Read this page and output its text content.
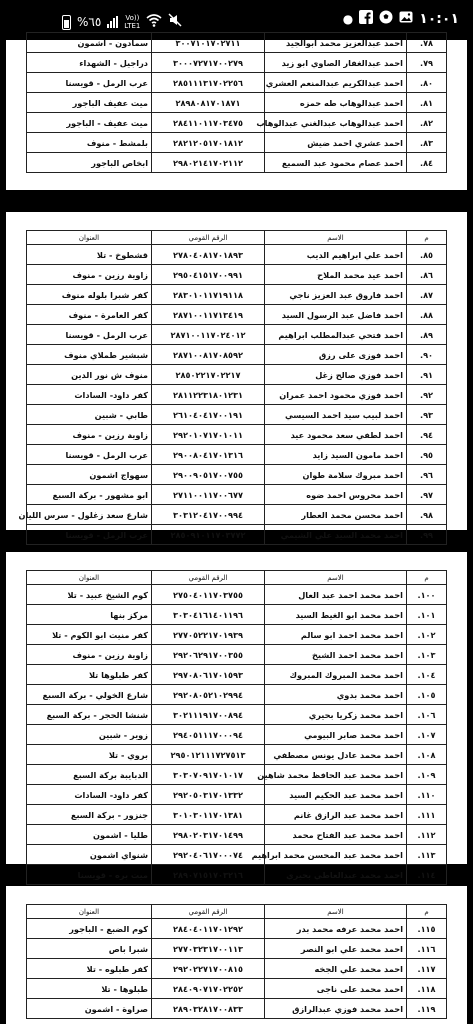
%٦٥	Vo))
LTE1	●	١٠:٠١
٧٨.	احمد عبدالعزيز محمد ابوالجيد	٣٠٠٧١٠١٧٠٢٧١١	سمادون - اشمون
٧٩.	احمد عبدالغفار الصاوي ابو زيد	٣٠٠٠٧٢٧١٧٠٠٢٧٩	دراجيل - الشهداء
٨٠.	احمد عبدالكريم عبدالمنعم العشري	٢٨٥١١١٣١٧٠٢٢٥٦	عرب الرمل - قويسنا
٨١.	احمد عبدالوهاب طه حمزه	٢٨٩٨٠٨١٧٠١٨٧١	ميت عفيف الباجور
٨٢.	احمد عبدالوهاب عبدالغني عبدالوهاب	٢٨٤١١٠١١٧٠٣٤٧٥	ميت عفيف - الباجور
٨٣.	احمد عشري احمد ضيش	٢٨٢١٢٠٥١٧٠١٨١٢	بلمشط - منوف
٨٤.	احمد عصام محمود عبد السميع	٢٩٨٠٢١٤١٧٠٢١١٢	ابخاص الباجور
م	الاسم	الرقم القومي	العنوان
٨٥.	احمد علي ابراهيم الديب	٢٧٨٠٤٠٨١٧٠١٨٩٣	قشطوخ - تلا
٨٦.	احمد عيد محمد الملاح	٢٩٥٠٤١٥١٧٠٠٩٩١	زاوية رزين - منوف
٨٧.	احمد فاروق عبد العزيز ناجي	٢٨٣٠١٠١١٧١٩١١٨	كفر شبرا بلوله منوف
٨٨.	احمد فاضل عبد الرسول السيد	٢٨٧١٠٠١١٧١٣٤١٩	كفر العامرة - منوف
٨٩.	احمد فتحي عبدالمطلب ابراهيم	٢٨٧١٠٠١١٧٠٢٤٠١٢	عرب الرمل - قويسنا
٩٠.	احمد فوزى على رزق	٢٨٧١٠٠٨١٧٠٨٥٩٢	شبشير طملاي منوف
٩١.	احمد فوزي صالح زغل	٢٨٥٠٢٢١٧٠٢٢١٧	منوف ش نور الدين
٩٢.	احمد فوزي محمود احمد عمران	٢٨١١٢٢٣١٨٠١٢٣١	كفر داود- السادات
٩٣.	احمد لبيب سيد احمد السيسي	٢٦١٠٤٠٤١٧٠٠١٩١	طابي - شبين
٩٤.	احمد لطفي سعد محمود عيد	٢٩٢٠١٠٧١٧٠١٠١١	زاوية رزين - منوف
٩٥.	احمد مامون السيد زايد	٢٩٠٠٨٠٤١٧٠١٣١٦	عرب الرمل - قويسنا
٩٦.	احمد مبروك سلامة طوان	٢٩٠٠٩٠٥١٧٠٠٧٥٥	سهواج اشمون
٩٧.	احمد محروس احمد ضوه	٢٧١١٠٠١١٧٠٠٦٧٧	ابو مشهور - بركة السبع
٩٨.	احمد محسن محمد العطار	٣٠٣١٢٠٤١٧٠٠٩٩٤	شارع سعد زغلول - سرس الليان
٩٩.	احمد محمد السيد علي الشيمي	٢٨٥٠٩١٠١١٧٠٣٧٧٢	عرب الرمل - قويسنا
م	الاسم	الرقم القومي	العنوان
١٠٠.	احمد محمد احمد عبد العال	٢٧٥٠٤٠١١٧٠٣٧٥٥	كوم الشيخ عبيد - تلا
١٠١.	احمد محمد ابو الغيط السيد	٣٠٣٠٤١٦١٤٠١١٩٦	مركز بنها
١٠٢.	احمد محمد احمد ابو سالم	٢٧٧٠٥٢٢١٧٠١٩٣٩	كفر منيت ابو الكوم - تلا
١٠٣.	احمد محمد احمد الشيخ	٢٩٢٠٦٢٩١٧٠٠٣٥٥	زاوية رزين - منوف
١٠٤.	احمد محمد المبروك المبروك	٢٩٧٠٨٠٦١٧٠١٥٩٣	كفر طبلوها تلا
١٠٥.	احمد محمد بدوي	٢٩٢٠٨٠٥٢١٠٢٩٩٤	شارع الخولي - بركة السبع
١٠٦.	احمد محمد زكريا بحيري	٣٠٢١١١٩١٧٠٠٨٩٤	شنشا الحجر - بركة السبع
١٠٧.	احمد محمد صابر البيومي	٢٩٤٠٥١١١٧٠٠٠٩٤	زوير - شبين
١٠٨.	احمد محمد عادل يونس مصطفي	٢٩٥٠١٢١١١٧٢٧٥١٣	بروي - تلا
١٠٩.	احمد محمد عبد الحافظ محمد شاهين	٣٠٣٠٧٠٩١٧٠١٠١٧	الدبايبة بركة السبع
١١٠.	احمد محمد عبد الحكيم السيد	٢٩٢٠٥٠٣١٧٠١٣٣٢	كفر داود- السادات
١١١.	احمد محمد عبد الرازق غانم	٣٠١٠٣٠١١٧٠١٣٨١	جنزور - بركة السبع
١١٢.	احمد محمد عبد الفتاح محمد	٢٩٨٠٢٠٣١٧٠١٤٩٩	طليا - اشمون
١١٣.	احمد محمد عبد المحسن محمد ابراهيم	٢٩٢٠٤٠٦١٧٠٠٠٧٤	شنواي اشمون
١١٤.	احمد محمد عبدالعاطي بحيري	٢٨٩٠٧١٥١٧٠٣٢١٦	ميت بره - قويسنا
م	الاسم	الرقم القومي	العنوان
١١٥.	احمد محمد عرفه محمد بدر	٢٨٤٠٤٠١١٧٠١٢٩٢	كوم الضبع - الباجور
١١٦.	احمد محمد علي ابو النصر	٢٧٧٠٣٢٣١٧٠٠١١٣	شبرا باص
١١٧.	احمد محمد علي الجخه	٢٩٢٠٢٢٧١٧٠٠٨١٥	كفر طبلوه - تلا
١١٨.	احمد محمد على ناجى	٢٨٤٠٩٠٧١٧٠٢٢٥٢	طبلوها - تلا
١١٩.	احمد محمد فوزي عبدالرازق	٢٨٩٠٣٢٨١٧٠٠٨٣٣	صراوة - اشمون
